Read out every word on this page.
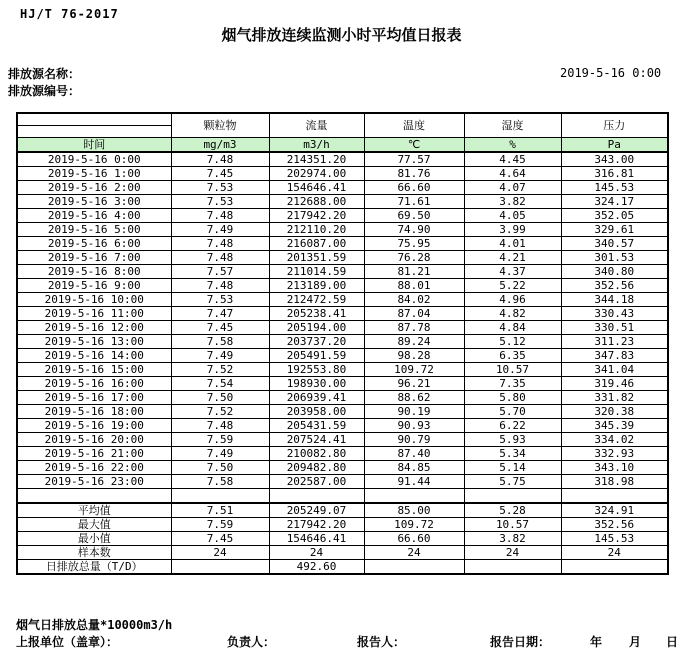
HJ/T 76-2017
烟气排放连续监测小时平均值日报表
排放源名称：	2019-5-16 0:00
排放源编号：
	颗粒物	流量	温度	湿度	压力

时间	mg/m3	m3/h	℃	%	Pa
2019-5-16 0:00	7.48	214351.20	77.57	4.45	343.00
2019-5-16 1:00	7.45	202974.00	81.76	4.64	316.81
2019-5-16 2:00	7.53	154646.41	66.60	4.07	145.53
2019-5-16 3:00	7.53	212688.00	71.61	3.82	324.17
2019-5-16 4:00	7.48	217942.20	69.50	4.05	352.05
2019-5-16 5:00	7.49	212110.20	74.90	3.99	329.61
2019-5-16 6:00	7.48	216087.00	75.95	4.01	340.57
2019-5-16 7:00	7.48	201351.59	76.28	4.21	301.53
2019-5-16 8:00	7.57	211014.59	81.21	4.37	340.80
2019-5-16 9:00	7.48	213189.00	88.01	5.22	352.56
2019-5-16 10:00	7.53	212472.59	84.02	4.96	344.18
2019-5-16 11:00	7.47	205238.41	87.04	4.82	330.43
2019-5-16 12:00	7.45	205194.00	87.78	4.84	330.51
2019-5-16 13:00	7.58	203737.20	89.24	5.12	311.23
2019-5-16 14:00	7.49	205491.59	98.28	6.35	347.83
2019-5-16 15:00	7.52	192553.80	109.72	10.57	341.04
2019-5-16 16:00	7.54	198930.00	96.21	7.35	319.46
2019-5-16 17:00	7.50	206939.41	88.62	5.80	331.82
2019-5-16 18:00	7.52	203958.00	90.19	5.70	320.38
2019-5-16 19:00	7.48	205431.59	90.93	6.22	345.39
2019-5-16 20:00	7.59	207524.41	90.79	5.93	334.02
2019-5-16 21:00	7.49	210082.80	87.40	5.34	332.93
2019-5-16 22:00	7.50	209482.80	84.85	5.14	343.10
2019-5-16 23:00	7.58	202587.00	91.44	5.75	318.98

平均值	7.51	205249.07	85.00	5.28	324.91
最大值	7.59	217942.20	109.72	10.57	352.56
最小值	7.45	154646.41	66.60	3.82	145.53
样本数	24	24	24	24	24
日排放总量（T/D）		492.60			
烟气日排放总量*10000m3/h
上报单位（盖章）：	负责人：	报告人：	报告日期：	年 月 日
